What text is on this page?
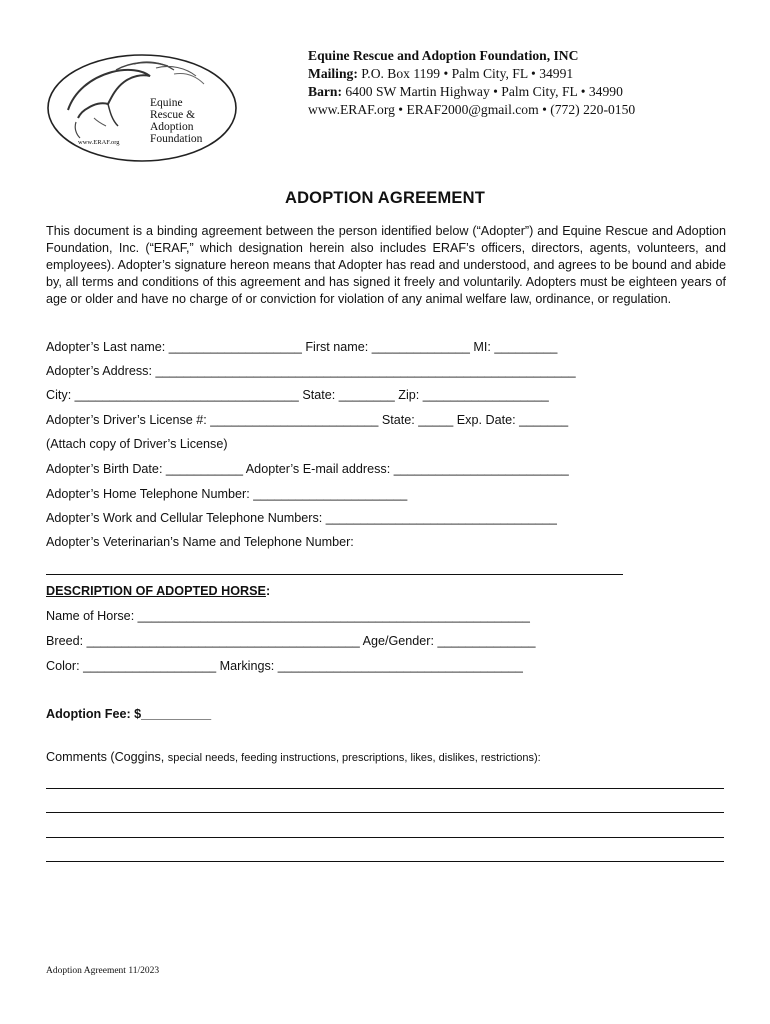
Equine
Rescue &
Adoption
Foundation
www.ERAF.org
Equine Rescue and Adoption Foundation, INC
Mailing: P.O. Box 1199 • Palm City, FL • 34991
Barn: 6400 SW Martin Highway • Palm City, FL • 34990
www.ERAF.org • ERAF2000@gmail.com • (772) 220-0150
ADOPTION AGREEMENT
This document is a binding agreement between the person identified below (“Adopter”) and Equine Rescue and Adoption Foundation, Inc. (“ERAF,” which designation herein also includes ERAF’s officers, directors, agents, volunteers, and employees). Adopter’s signature hereon means that Adopter has read and understood, and agrees to be bound and abide by, all terms and conditions of this agreement and has signed it freely and voluntarily. Adopters must be eighteen years of age or older and have no charge of or conviction for violation of any animal welfare law, ordinance, or regulation.
Adopter’s Last name: ___________________ First name: ______________ MI: _________
Adopter’s Address: ____________________________________________________________
City: ________________________________ State: ________ Zip: __________________
Adopter’s Driver’s License #: ________________________ State: _____ Exp. Date: _______
(Attach copy of Driver’s License)
Adopter’s Birth Date: ___________ Adopter’s E-mail address: _________________________
Adopter’s Home Telephone Number: ______________________
Adopter’s Work and Cellular Telephone Numbers: _________________________________
Adopter’s Veterinarian’s Name and Telephone Number:
DESCRIPTION OF ADOPTED HORSE:
Name of Horse: ________________________________________________________
Breed: _______________________________________ Age/Gender: ______________
Color: ___________________ Markings: ___________________________________
Adoption Fee: $__________
Comments (Coggins, special needs, feeding instructions, prescriptions, likes, dislikes, restrictions):
Adoption Agreement 11/2023
